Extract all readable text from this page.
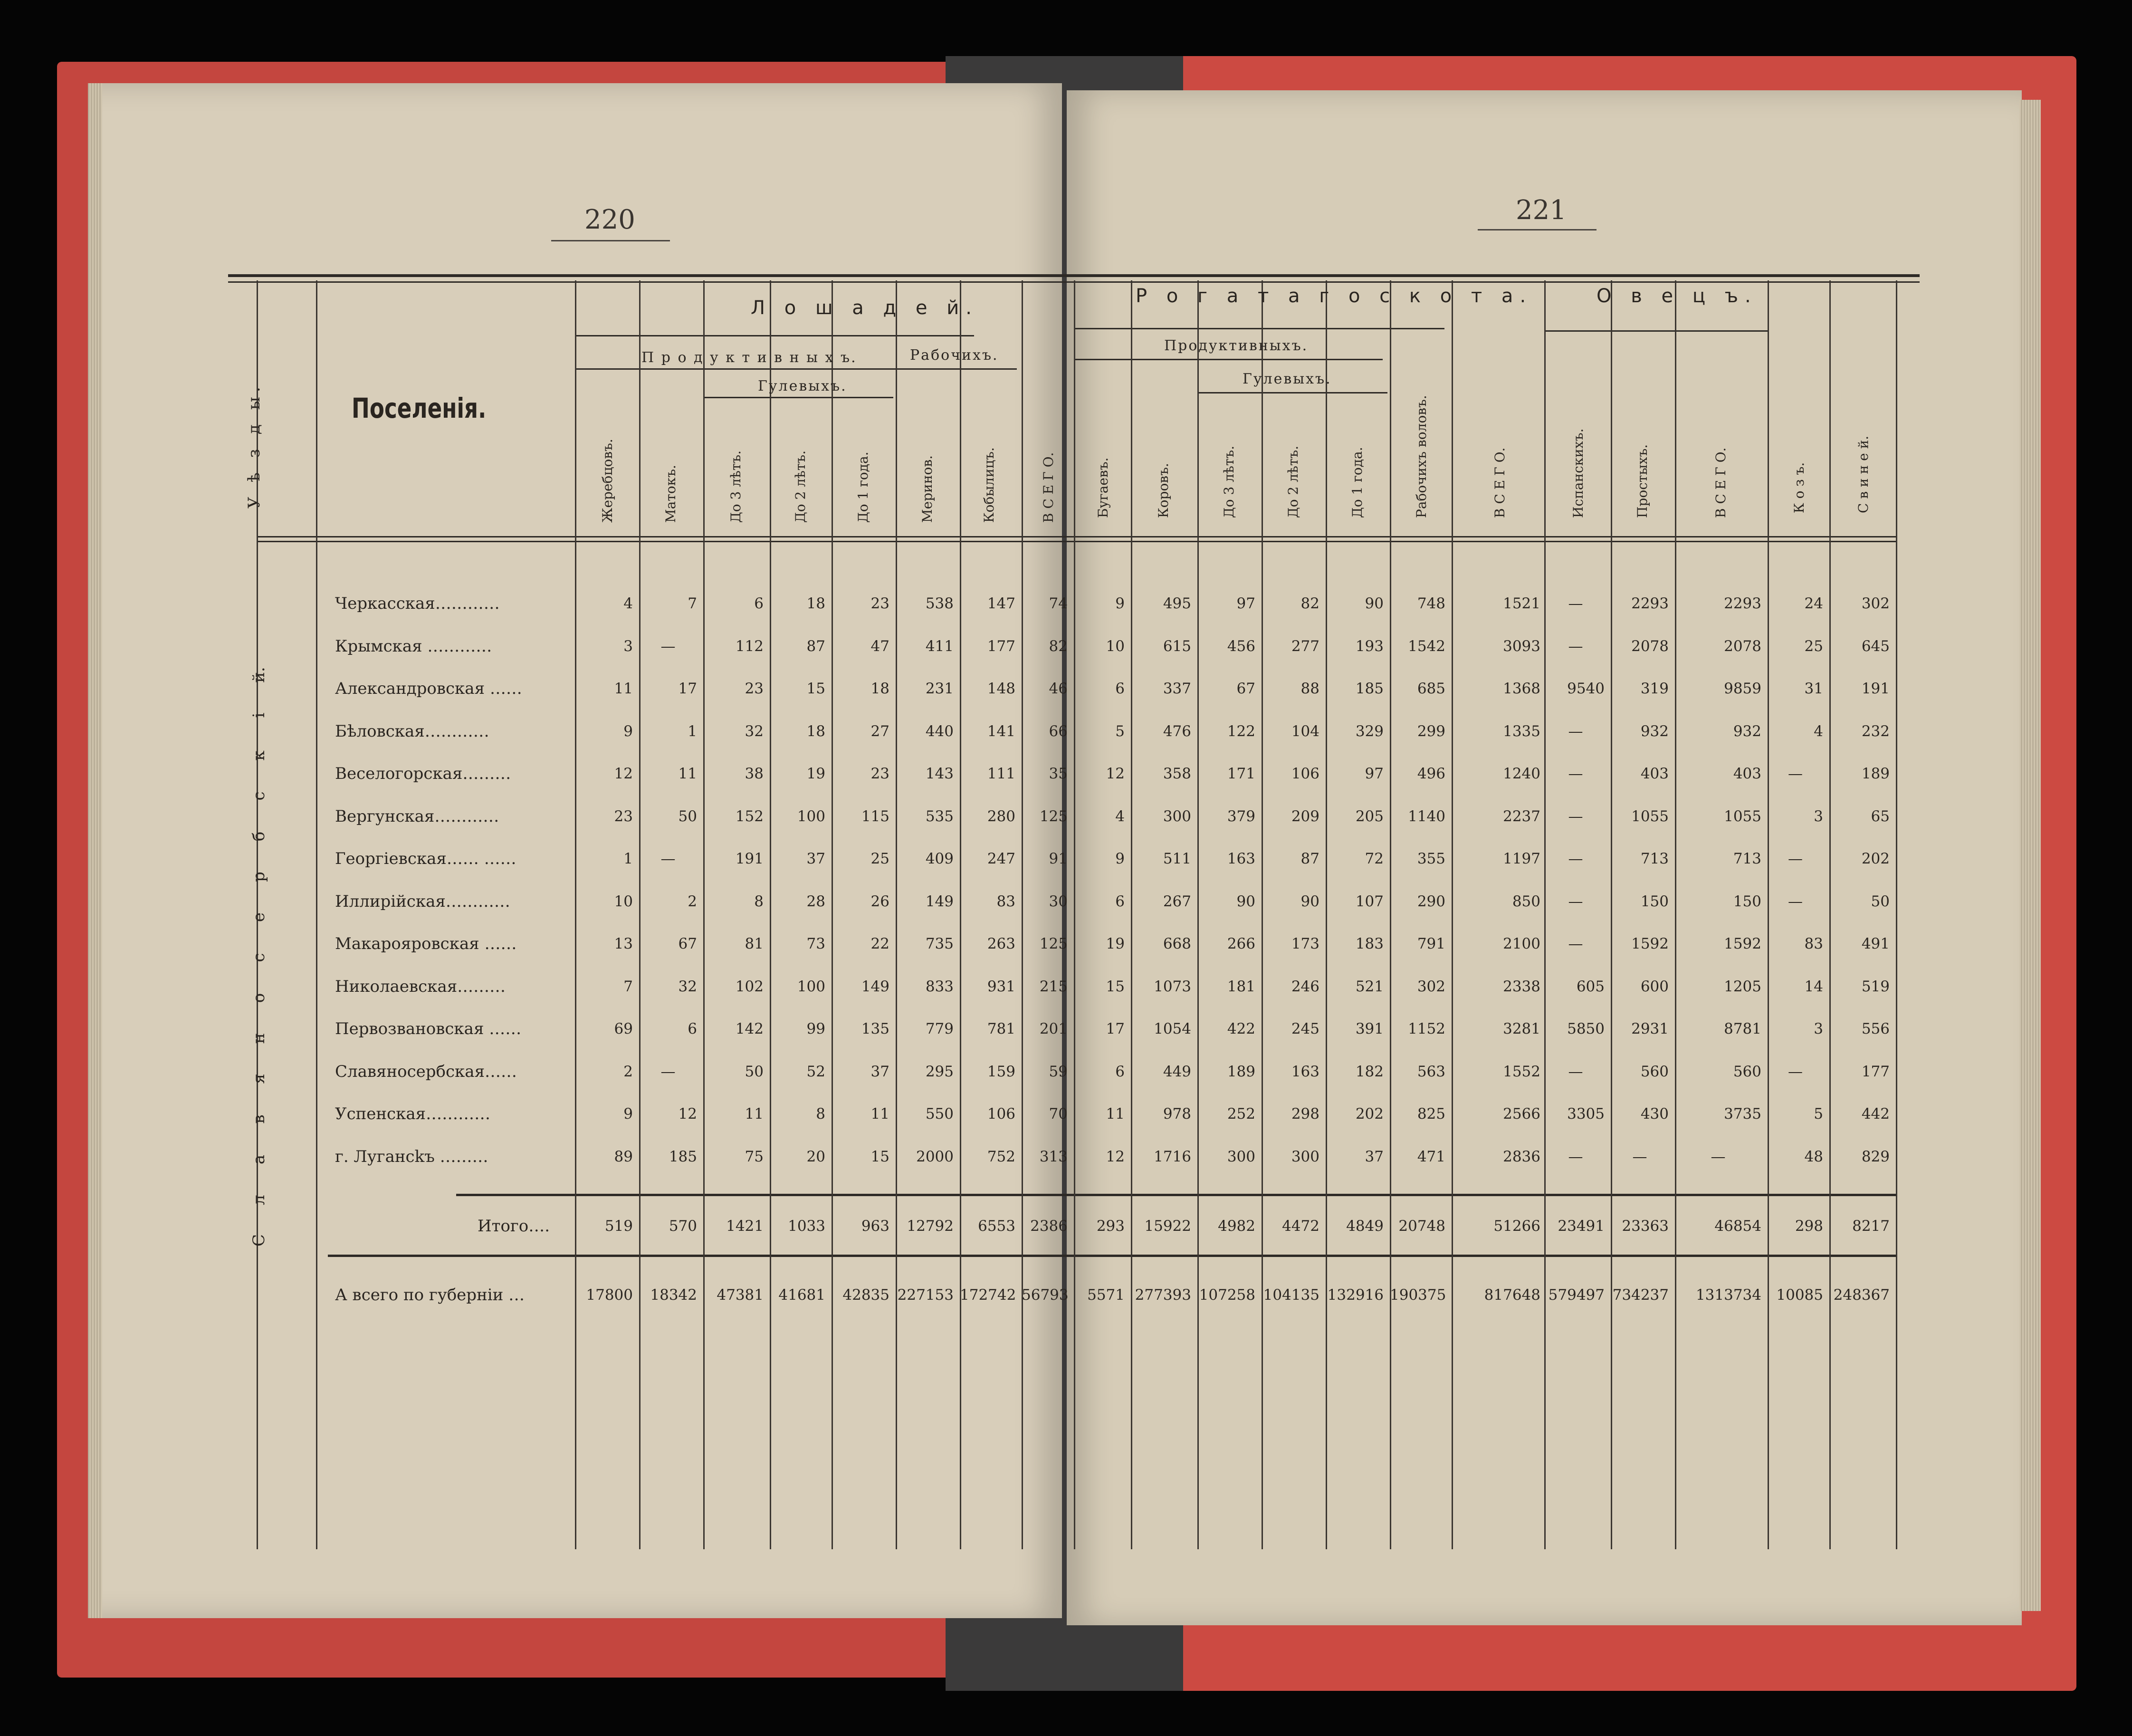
220	221
Л о ш а д е й.
Р о г а т а г о с к о т а.	О в е ц ъ.
П р о д у к т и в н ы х ъ.	Рабочихъ.
Гулевыхъ.
Продуктивныхъ.
Гулевыхъ.
У ѣ з д ы.	Поселенія.
Жеребцовъ.	Матокъ.	До 3 лѣтъ.	До 2 лѣтъ.	До 1 года.	Меринов.	Кобылицъ.	В С Е Г О.	Бугаевъ.	Коровъ.	До 3 лѣтъ.	До 2 лѣтъ.	До 1 года.	Рабочихъ воловъ.	В С Е Г О.	Испанскихъ.	Простыхъ.	В С Е Г О.	К о з ъ.	С в и н е й.
С
л
а
в
я
н
о
с
е
р
б
с
к
і
й.
Черкасская…………	4	7	6	18	23	538	147	74	9	495	97	82	90	748	1521	—	2293	2293	24	302
Крымская …………	3	—	112	87	47	411	177	82	10	615	456	277	193	1542	3093	—	2078	2078	25	645
Александровская ……	11	17	23	15	18	231	148	46	6	337	67	88	185	685	1368	9540	319	9859	31	191
Бѣловская…………	9	1	32	18	27	440	141	66	5	476	122	104	329	299	1335	—	932	932	4	232
Веселогорская………	12	11	38	19	23	143	111	35	12	358	171	106	97	496	1240	—	403	403	—	189
Вергунская…………	23	50	152	100	115	535	280	125	4	300	379	209	205	1140	2237	—	1055	1055	3	65
Георгіевская…… ……	1	—	191	37	25	409	247	91	9	511	163	87	72	355	1197	—	713	713	—	202
Иллирійская…………	10	2	8	28	26	149	83	30	6	267	90	90	107	290	850	—	150	150	—	50
Макарояровская ……	13	67	81	73	22	735	263	125	19	668	266	173	183	791	2100	—	1592	1592	83	491
Николаевская………	7	32	102	100	149	833	931	215	15	1073	181	246	521	302	2338	605	600	1205	14	519
Первозвановская ……	69	6	142	99	135	779	781	201	17	1054	422	245	391	1152	3281	5850	2931	8781	3	556
Славяносербская……	2	—	50	52	37	295	159	59	6	449	189	163	182	563	1552	—	560	560	—	177
Успенская…………	9	12	11	8	11	550	106	70	11	978	252	298	202	825	2566	3305	430	3735	5	442
г. Лугансkъ ………	89	185	75	20	15	2000	752	313	12	1716	300	300	37	471	2836	—	—	—	48	829
Итого….	519	570	1421	1033	963	12792	6553	2386	293	15922	4982	4472	4849	20748	51266	23491	23363	46854	298	8217
А всего по губерніи …	17800	18342	47381	41681	42835 227153 172742 56793	5571 277393 107258 104135 132916 190375	817648 579497 734237	1313734	10085 248367
